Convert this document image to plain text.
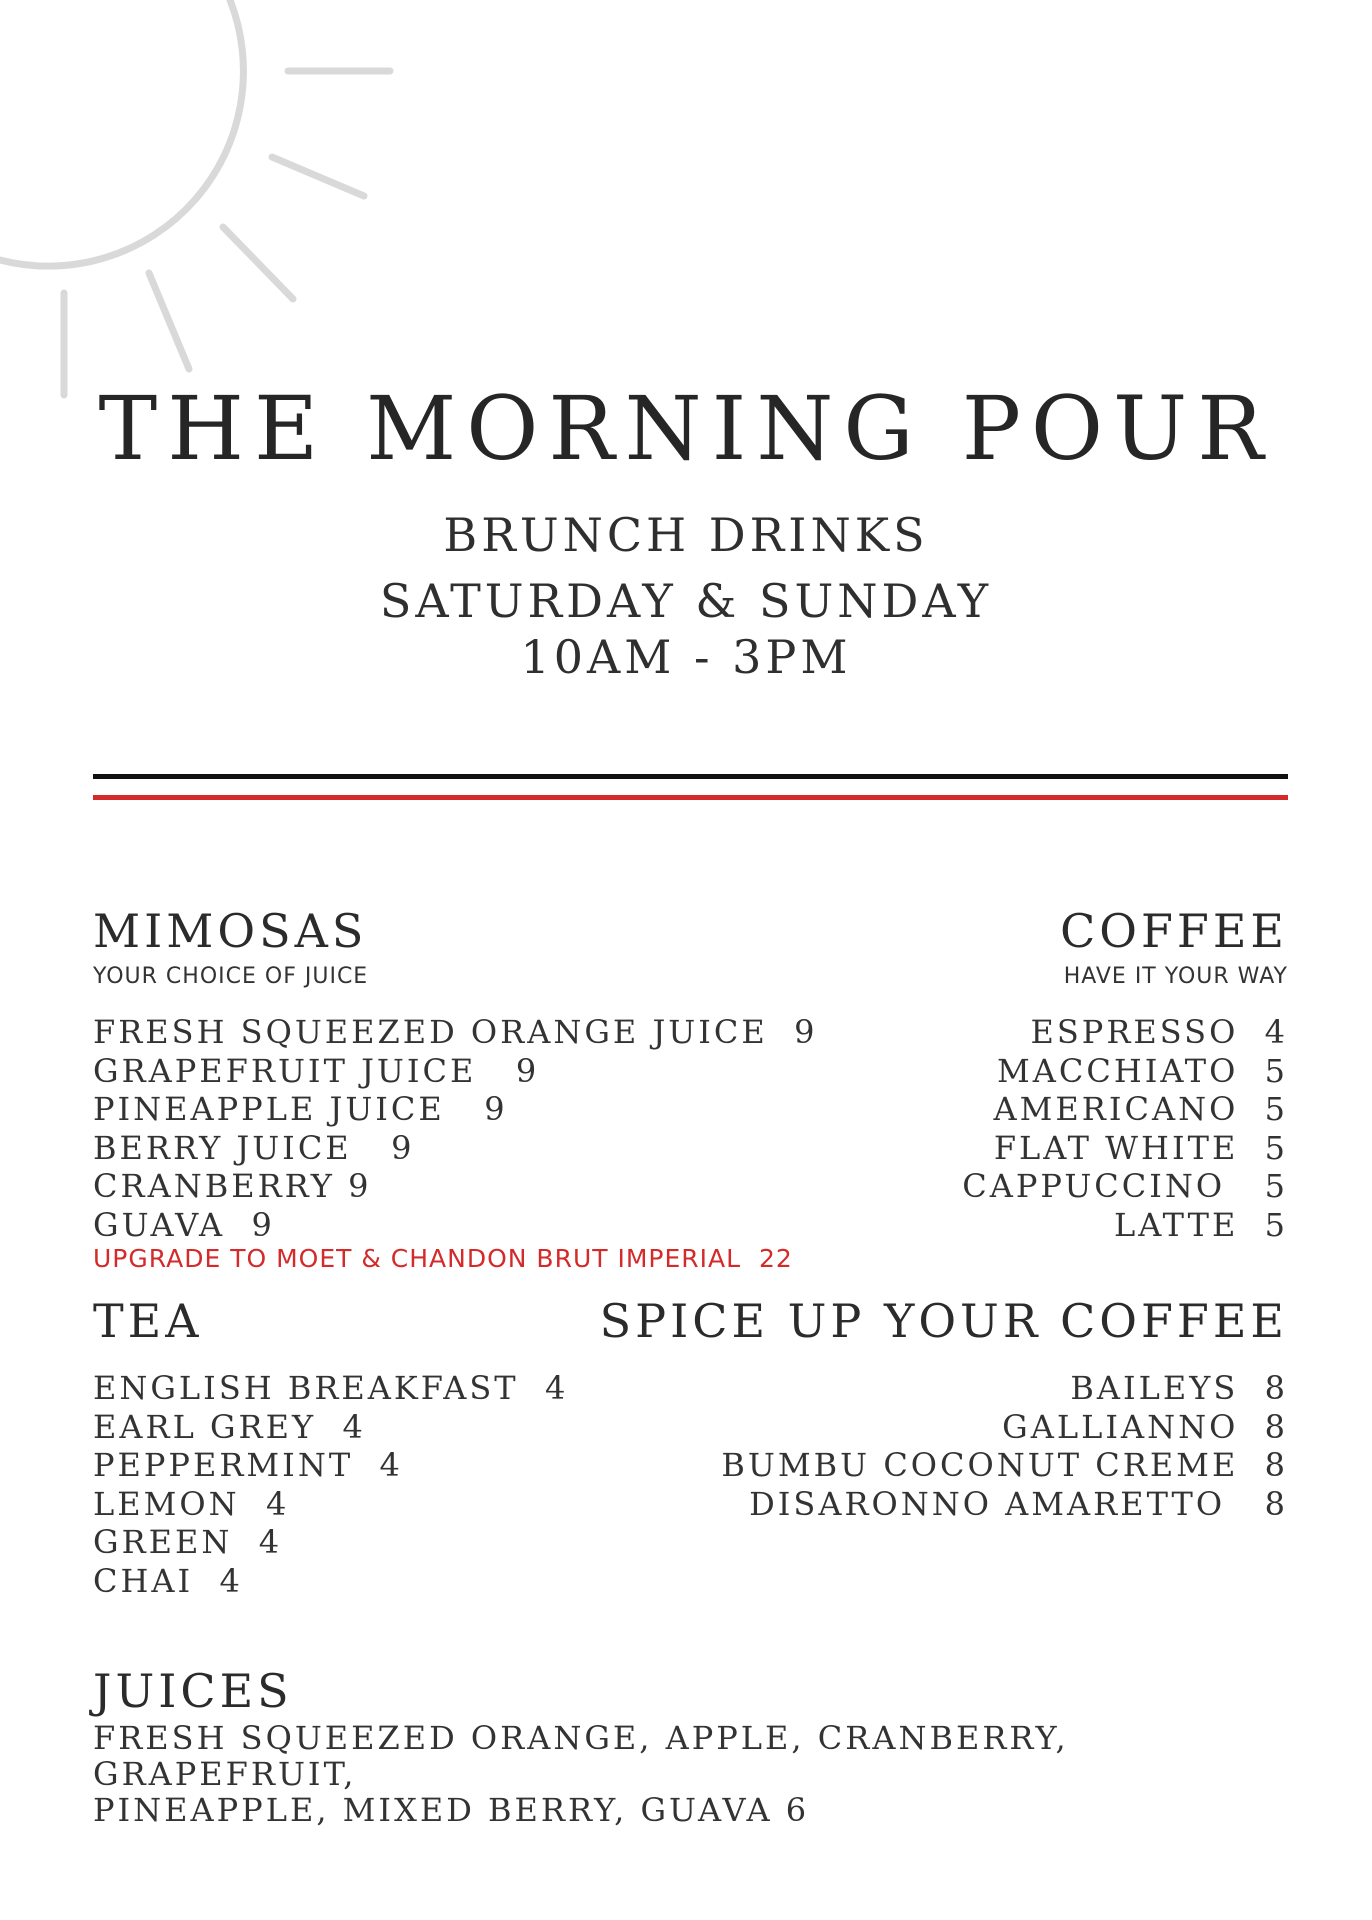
THE MORNING POUR
BRUNCH DRINKS
SATURDAY & SUNDAY
10AM - 3PM
MIMOSAS
YOUR CHOICE OF JUICE
FRESH SQUEEZED ORANGE JUICE  9
GRAPEFRUIT JUICE   9
PINEAPPLE JUICE   9
BERRY JUICE   9
CRANBERRY 9
GUAVA  9
UPGRADE TO MOET & CHANDON BRUT IMPERIAL  22
COFFEE
HAVE IT YOUR WAY
ESPRESSO  4
MACCHIATO  5
AMERICANO  5
FLAT WHITE  5
CAPPUCCINO   5
LATTE  5
TEA
ENGLISH BREAKFAST  4
EARL GREY  4
PEPPERMINT  4
LEMON  4
GREEN  4
CHAI  4
SPICE UP YOUR COFFEE
BAILEYS  8
GALLIANNO  8
BUMBU COCONUT CREME  8
DISARONNO AMARETTO   8
JUICES

FRESH SQUEEZED ORANGE, APPLE, CRANBERRY, GRAPEFRUIT,
PINEAPPLE, MIXED BERRY, GUAVA 6
